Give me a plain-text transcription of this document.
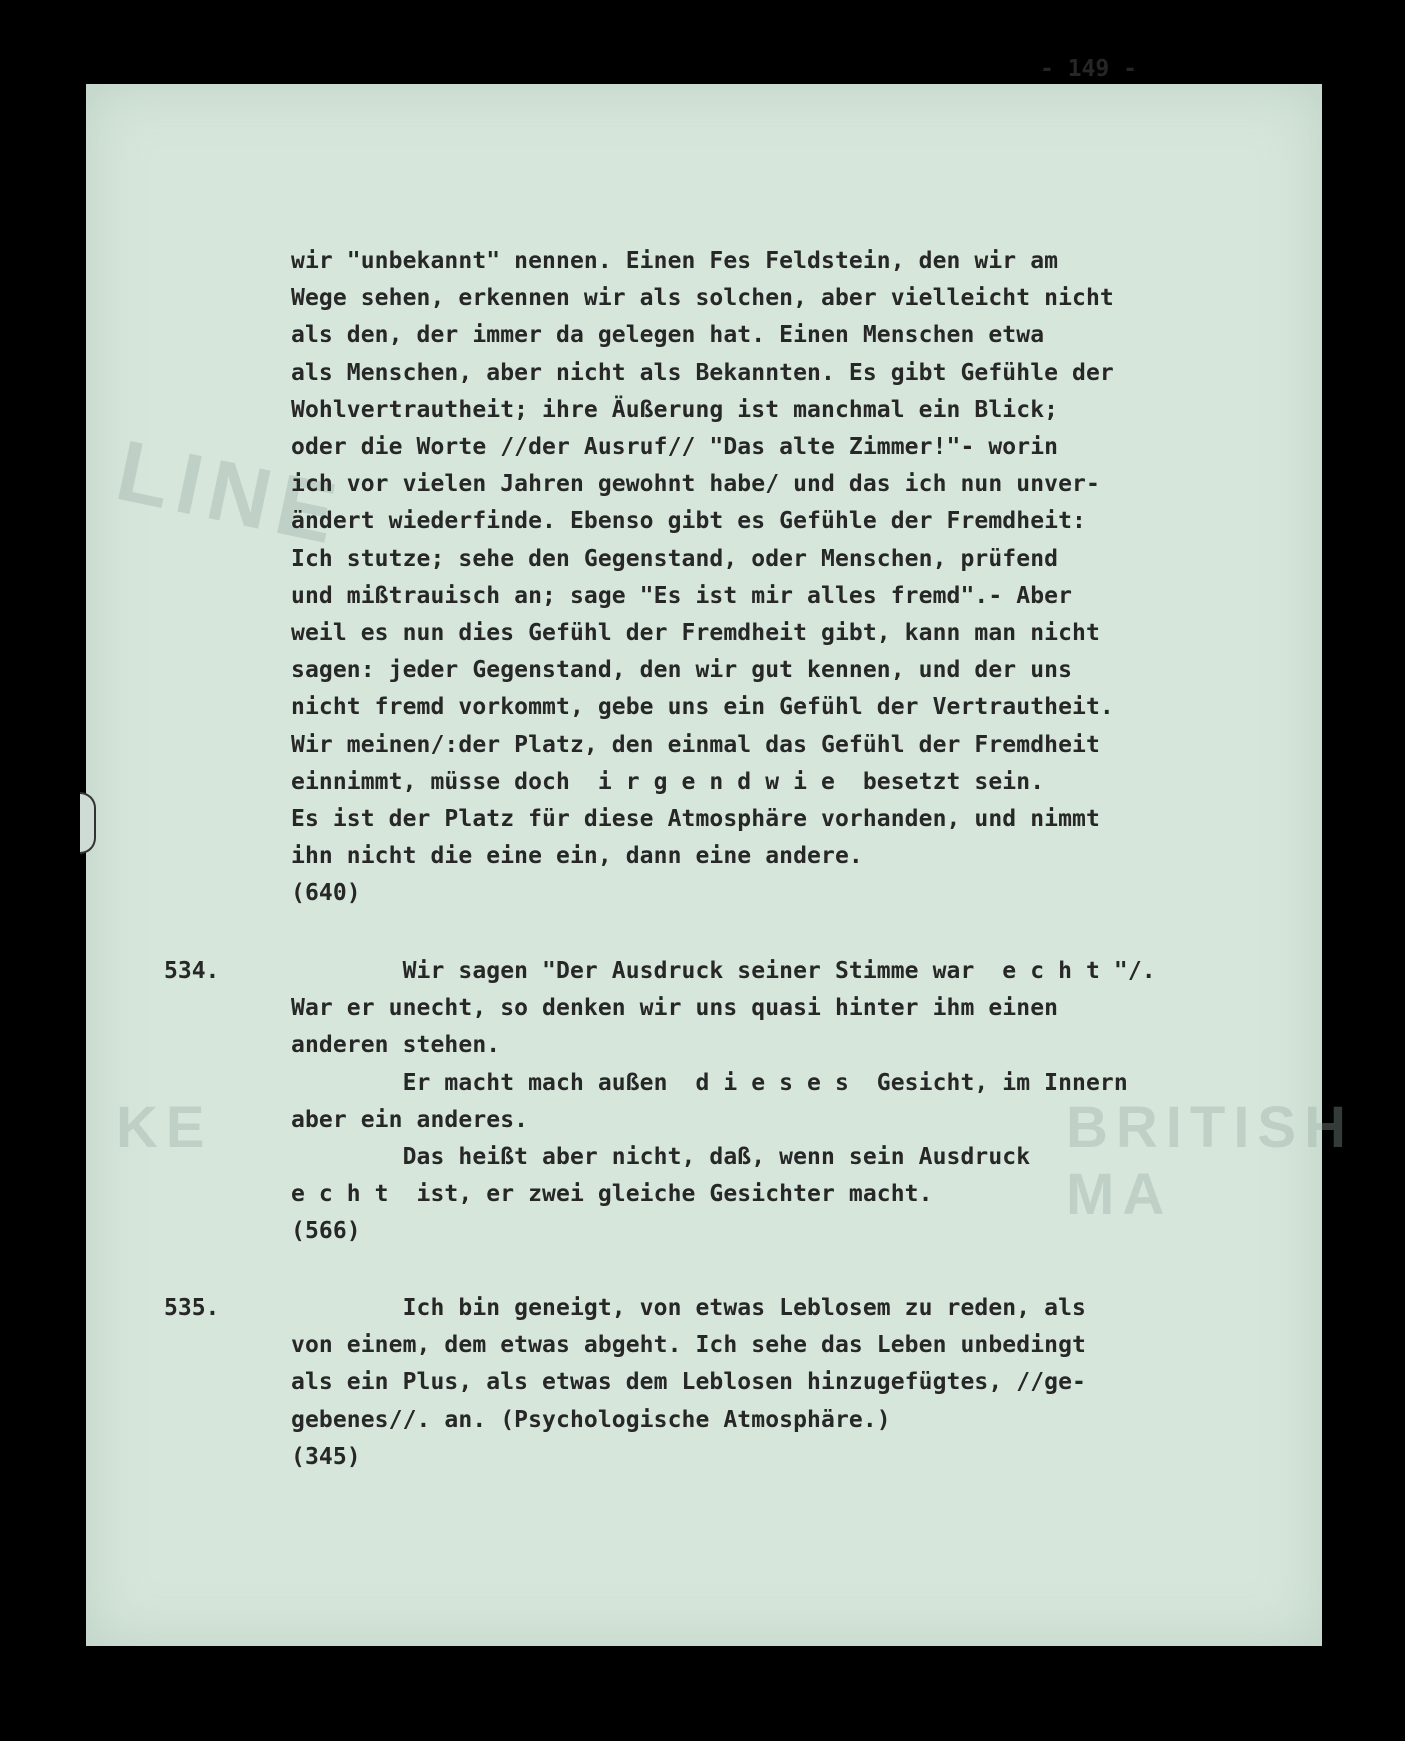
LINE
BRITISH MA
KE
- 149 -
wir "unbekannt" nennen. Einen Fes Feldstein, den wir am
Wege sehen, erkennen wir als solchen, aber vielleicht nicht
als den, der immer da gelegen hat. Einen Menschen etwa
als Menschen, aber nicht als Bekannten. Es gibt Gefühle der
Wohlvertrautheit; ihre Äußerung ist manchmal ein Blick;
oder die Worte //der Ausruf// "Das alte Zimmer!"- worin
ich vor vielen Jahren gewohnt habe/ und das ich nun unver-
ändert wiederfinde. Ebenso gibt es Gefühle der Fremdheit:
Ich stutze; sehe den Gegenstand, oder Menschen, prüfend
und mißtrauisch an; sage "Es ist mir alles fremd".- Aber
weil es nun dies Gefühl der Fremdheit gibt, kann man nicht
sagen: jeder Gegenstand, den wir gut kennen, und der uns
nicht fremd vorkommt, gebe uns ein Gefühl der Vertrautheit.
Wir meinen/:der Platz, den einmal das Gefühl der Fremdheit
einnimmt, müsse doch  i r g e n d w i e  besetzt sein.
Es ist der Platz für diese Atmosphäre vorhanden, und nimmt
ihn nicht die eine ein, dann eine andere.
(640)
534.	Wir sagen "Der Ausdruck seiner Stimme war  e c h t "/.
War er unecht, so denken wir uns quasi hinter ihm einen
anderen stehen.
Er macht mach außen  d i e s e s  Gesicht, im Innern
aber ein anderes.
Das heißt aber nicht, daß, wenn sein Ausdruck
e c h t  ist, er zwei gleiche Gesichter macht.
(566)
535.	Ich bin geneigt, von etwas Leblosem zu reden, als
von einem, dem etwas abgeht. Ich sehe das Leben unbedingt
als ein Plus, als etwas dem Leblosen hinzugefügtes, //ge-
gebenes//. an. (Psychologische Atmosphäre.)
(345)
